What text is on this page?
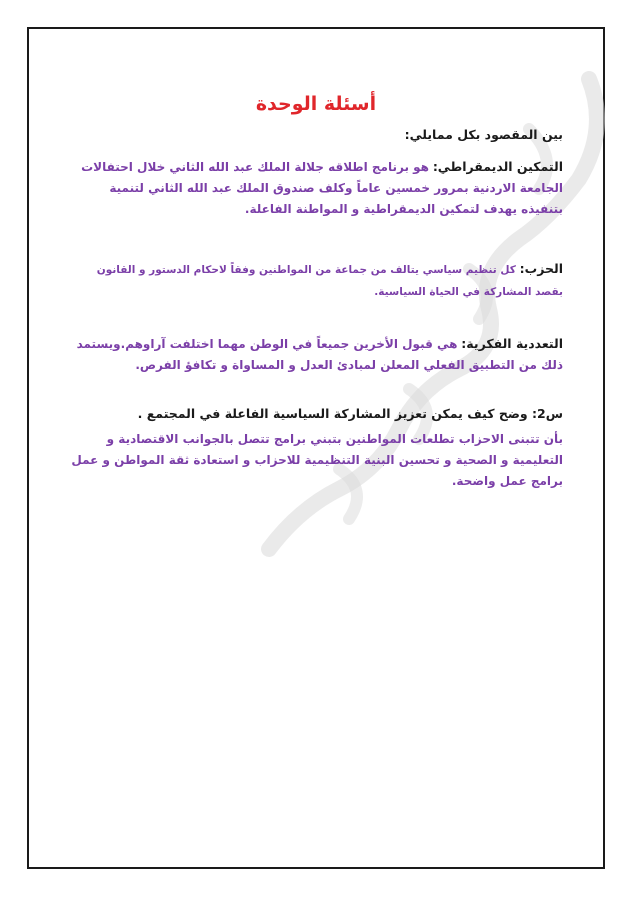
أسئلة الوحدة
بين المقصود بكل ممايلي:

التمكين الديمقراطي: هو برنامج اطلاقه جلالة الملك عبد الله الثاني خلال احتفالات الجامعة الاردنية بمرور خمسين عاماً وكلف صندوق الملك عبد الله الثاني لتنمية بتنفيذه يهدف لتمكين الديمقراطية و المواطنة الفاعلة.

الحزب: كل تنظيم سياسي يتالف من جماعة من المواطنين وفقاً لاحكام الدستور و القانون بقصد المشاركة في الحياة السياسية.

التعددية الفكرية: هي قبول الأخرين جميعاً في الوطن مهما اختلفت آراوهم.ويستمد ذلك من التطبيق الفعلي المعلن لمبادئ العدل و المساواة و تكافؤ الفرص.

س2: وضح كيف يمكن تعزيز المشاركة السياسية الفاعلة في المجتمع .
بأن تتبنى الاحزاب تطلعات المواطنين بتبني برامج تتصل بالجوانب الاقتصادية و التعليمية و الصحية و تحسين البنية التنظيمية للاحزاب و استعادة ثقة المواطن و عمل برامج عمل واضحة.
